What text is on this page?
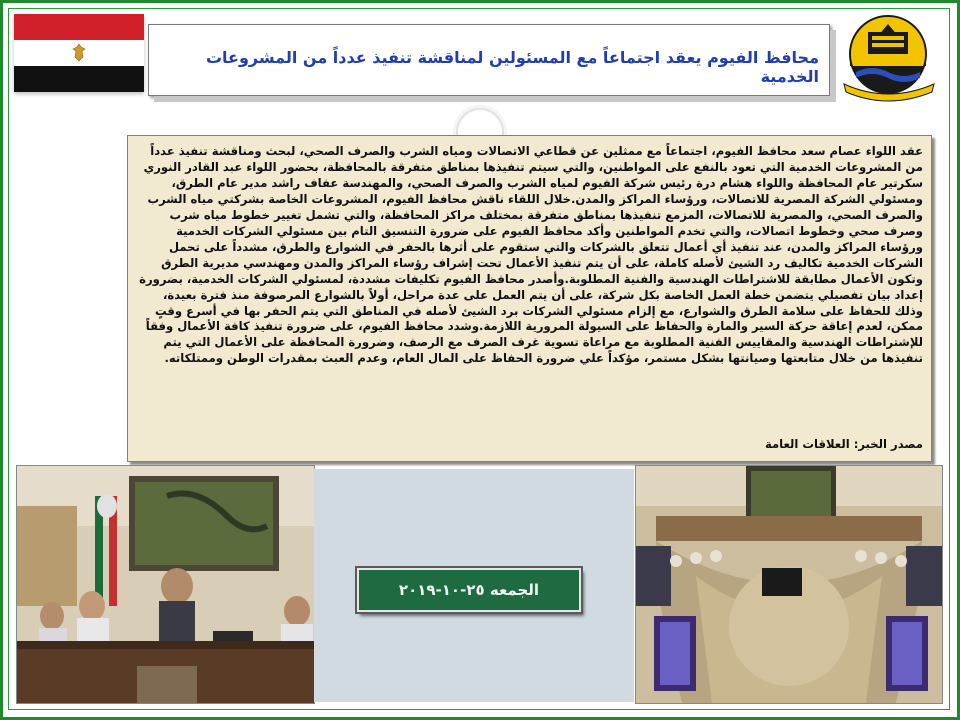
محافظ الفيوم يعقد اجتماعاً مع المسئولين لمناقشة تنفيذ عدداً من المشروعات الخدمية

عقد اللواء عصام سعد محافظ الفيوم، اجتماعاً مع ممثلين عن قطاعي الاتصالات ومياه الشرب والصرف الصحي، لبحث ومناقشة تنفيذ عدداً من المشروعات الخدمية التي تعود بالنفع على المواطنين، والتي سيتم تنفيذها بمناطق متفرقة بالمحافظة، بحضور اللواء عبد القادر النوري سكرتير عام المحافظة واللواء هشام درة رئيس شركة الفيوم لمياه الشرب والصرف الصحي، والمهندسة عفاف راشد مدير عام الطرق، ومسئولي الشركة المصرية للاتصالات، ورؤساء المراكز والمدن.خلال اللقاء ناقش محافظ الفيوم، المشروعات الخاصة بشركتي مياه الشرب والصرف الصحي، والمصرية للاتصالات، المزمع تنفيذها بمناطق متفرقة بمختلف مراكز المحافظة، والتي تشمل تغيير خطوط مياه شرب وصرف صحي وخطوط اتصالات، والتي تخدم المواطنين وأكد محافظ الفيوم على ضرورة التنسيق التام بين مسئولي الشركات الخدمية ورؤساء المراكز والمدن، عند تنفيذ أي أعمال تتعلق بالشركات والتي ستقوم على أثرها بالحفر في الشوارع والطرق، مشدداً على تحمل الشركات الخدمية تكاليف رد الشيئ لأصله كاملة، على أن يتم تنفيذ الأعمال تحت إشراف رؤساء المراكز والمدن ومهندسي مديرية الطرق وتكون الأعمال مطابقة للاشتراطات الهندسية والفنية المطلوبة.وأصدر محافظ الفيوم تكليفات مشددة، لمسئولي الشركات الخدمية، بضرورة إعداد بيان تفصيلي يتضمن خطة العمل الخاصة بكل شركة، على أن يتم العمل على عدة مراحل، أولاً بالشوارع المرصوفة منذ فترة بعيدة، وذلك للحفاظ على سلامة الطرق والشوارع، مع إلزام مسئولي الشركات برد الشيئ لأصله في المناطق التي يتم الحفر بها في أسرع وقتٍ ممكن، لعدم إعاقة حركة السير والمارة والحفاظ على السيولة المرورية اللازمة.وشدد محافظ الفيوم، على ضرورة تنفيذ كافة الأعمال وفقاً للإشتراطات الهندسية والمقاييس الفنية المطلوبة مع مراعاة تسوية غرف الصرف مع الرصف، وضرورة المحافظة على الأعمال التي يتم تنفيذها من خلال متابعتها وصيانتها بشكل مستمر، مؤكداً علي ضرورة الحفاظ على المال العام، وعدم العبث بمقدرات الوطن وممتلكاته.

مصدر الخبر: العلاقات العامة
الجمعه ٢٥-١٠-٢٠١٩
